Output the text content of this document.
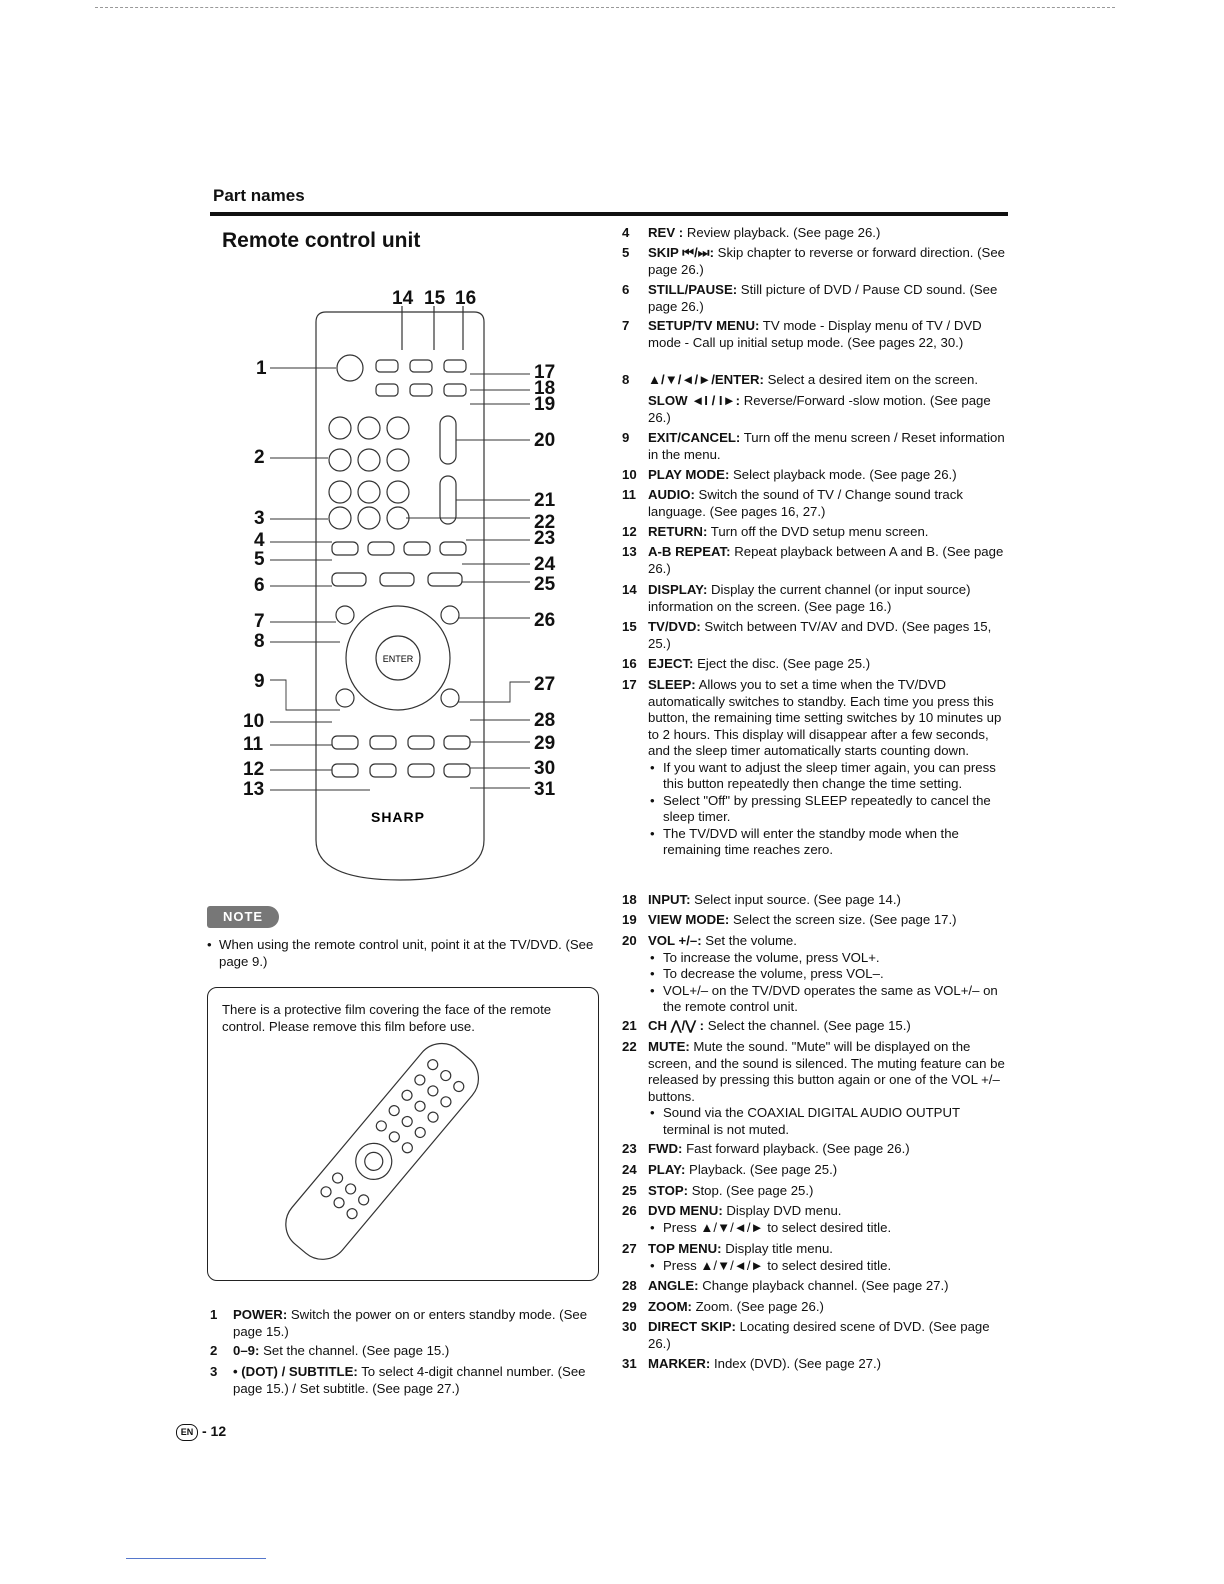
Part names
Remote control unit
ENTER
SHARP
14 15 16
1
2
3
4
5
6
7
8
9
10
11
12
13
17
18
19
20
21
22
23
24
25
26
27
28
29
30
31
NOTE
• When using the remote control unit, point it at the TV/DVD. (See page 9.)
There is a protective film covering the face of the remote control. Please remove this film before use.
1	POWER: Switch the power on or enters standby mode. (See page 15.)
2	0–9: Set the channel. (See page 15.)
3	• (DOT) / SUBTITLE: To select 4-digit channel number. (See page 15.) / Set subtitle. (See page 27.)
4	REV : Review playback. (See page 26.)
5	SKIP ⏮/⏭: Skip chapter to reverse or forward direction. (See page 26.)
6	STILL/PAUSE: Still picture of DVD / Pause CD sound. (See page 26.)
7	SETUP/TV MENU: TV mode - Display menu of TV / DVD mode - Call up initial setup mode. (See pages 22, 30.)
8	▲/▼/◄/►/ENTER: Select a desired item on the screen.
SLOW ◄I / I►: Reverse/Forward -slow motion. (See page 26.)
9	EXIT/CANCEL: Turn off the menu screen / Reset information in the menu.
10 PLAY MODE: Select playback mode. (See page 26.)
11 AUDIO: Switch the sound of TV / Change sound track language. (See pages 16, 27.)
12 RETURN: Turn off the DVD setup menu screen.
13 A-B REPEAT: Repeat playback between A and B. (See page 26.)
14 DISPLAY: Display the current channel (or input source) information on the screen. (See page 16.)
15 TV/DVD: Switch between TV/AV and DVD. (See pages 15, 25.)
16 EJECT: Eject the disc. (See page 25.)
17 SLEEP: Allows you to set a time when the TV/DVD automatically switches to standby. Each time you press this button, the remaining time setting switches by 10 minutes up to 2 hours. This display will disappear after a few seconds, and the sleep timer automatically starts counting down.
• If you want to adjust the sleep timer again, you can press this button repeatedly then change the time setting.
• Select "Off" by pressing SLEEP repeatedly to cancel the sleep timer.
• The TV/DVD will enter the standby mode when the remaining time reaches zero.
18 INPUT: Select input source. (See page 14.)
19 VIEW MODE: Select the screen size. (See page 17.)
20 VOL +/–: Set the volume.
• To increase the volume, press VOL+.
• To decrease the volume, press VOL–.
• VOL+/– on the TV/DVD operates the same as VOL+/– on the remote control unit.
21 CH ⋀/⋁ : Select the channel. (See page 15.)
22 MUTE: Mute the sound. "Mute" will be displayed on the screen, and the sound is silenced. The muting feature can be released by pressing this button again or one of the VOL +/– buttons.
• Sound via the COAXIAL DIGITAL AUDIO OUTPUT terminal is not muted.
23 FWD: Fast forward playback. (See page 26.)
24 PLAY: Playback. (See page 25.)
25 STOP: Stop. (See page 25.)
26 DVD MENU: Display DVD menu.
• Press ▲/▼/◄/► to select desired title.
27 TOP MENU: Display title menu.
• Press ▲/▼/◄/► to select desired title.
28 ANGLE: Change playback channel. (See page 27.)
29 ZOOM: Zoom. (See page 26.)
30 DIRECT SKIP: Locating desired scene of DVD. (See page 26.)
31 MARKER: Index (DVD). (See page 27.)
EN - 12
